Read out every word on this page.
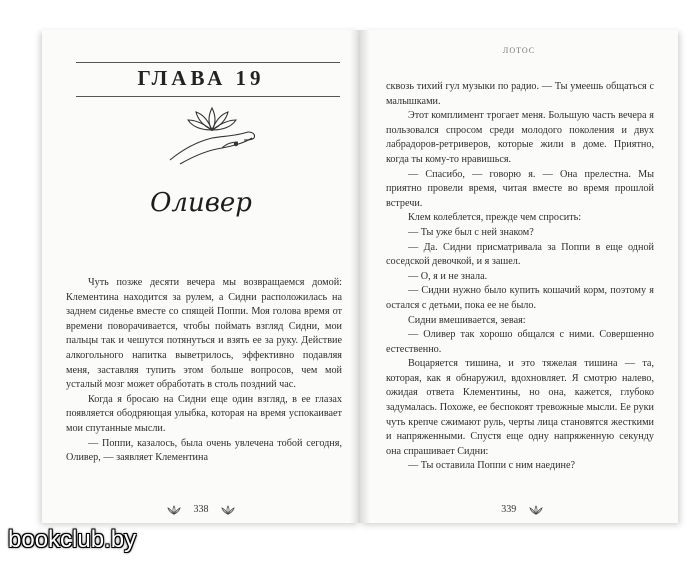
ГЛАВА 19
Оливер

Чуть позже десяти вечера мы возвращаемся домой: Клементина находится за рулем, а Сидни расположилась на заднем сиденье вместе со спящей Поппи. Моя голова время от времени поворачивается, чтобы поймать взгляд Сидни, мои пальцы так и чешутся потянуться и взять ее за руку. Действие алкогольного напитка выветрилось, эффективно подавляя меня, заставляя тупить этом больше вопросов, чем мой усталый мозг может обработать в столь поздний час.

Когда я бросаю на Сидни еще один взгляд, в ее глазах появляется ободряющая улыбка, которая на время успокаивает мои спутанные мысли.

— Поппи, казалось, была очень увлечена тобой сегодня, Оливер, — заявляет Клементина

338
ЛОТОС

сквозь тихий гул музыки по радио. — Ты умеешь общаться с малышками.

Этот комплимент трогает меня. Большую часть вечера я пользовался спросом среди молодого поколения и двух лабрадоров-ретриверов, которые жили в доме. Приятно, когда ты кому-то нравишься.

— Спасибо, — говорю я. — Она прелестна. Мы приятно провели время, читая вместе во время прошлой встречи.

Клем колеблется, прежде чем спросить:

— Ты уже был с ней знаком?

— Да. Сидни присматривала за Поппи в еще одной соседской девочкой, и я зашел.

— О, я и не знала.

— Сидни нужно было купить кошачий корм, поэтому я остался с детьми, пока ее не было.

Сидни вмешивается, зевая:

— Оливер так хорошо общался с ними. Совершенно естественно.

Воцаряется тишина, и это тяжелая тишина — та, которая, как я обнаружил, вдохновляет. Я смотрю налево, ожидая ответа Клементины, но она, кажется, глубоко задумалась. Похоже, ее беспокоят тревожные мысли. Ее руки чуть крепче сжимают руль, черты лица становятся жесткими и напряженными. Спустя еще одну напряженную секунду она спрашивает Сидни:

— Ты оставила Поппи с ним наедине?

339
bookclub.by
